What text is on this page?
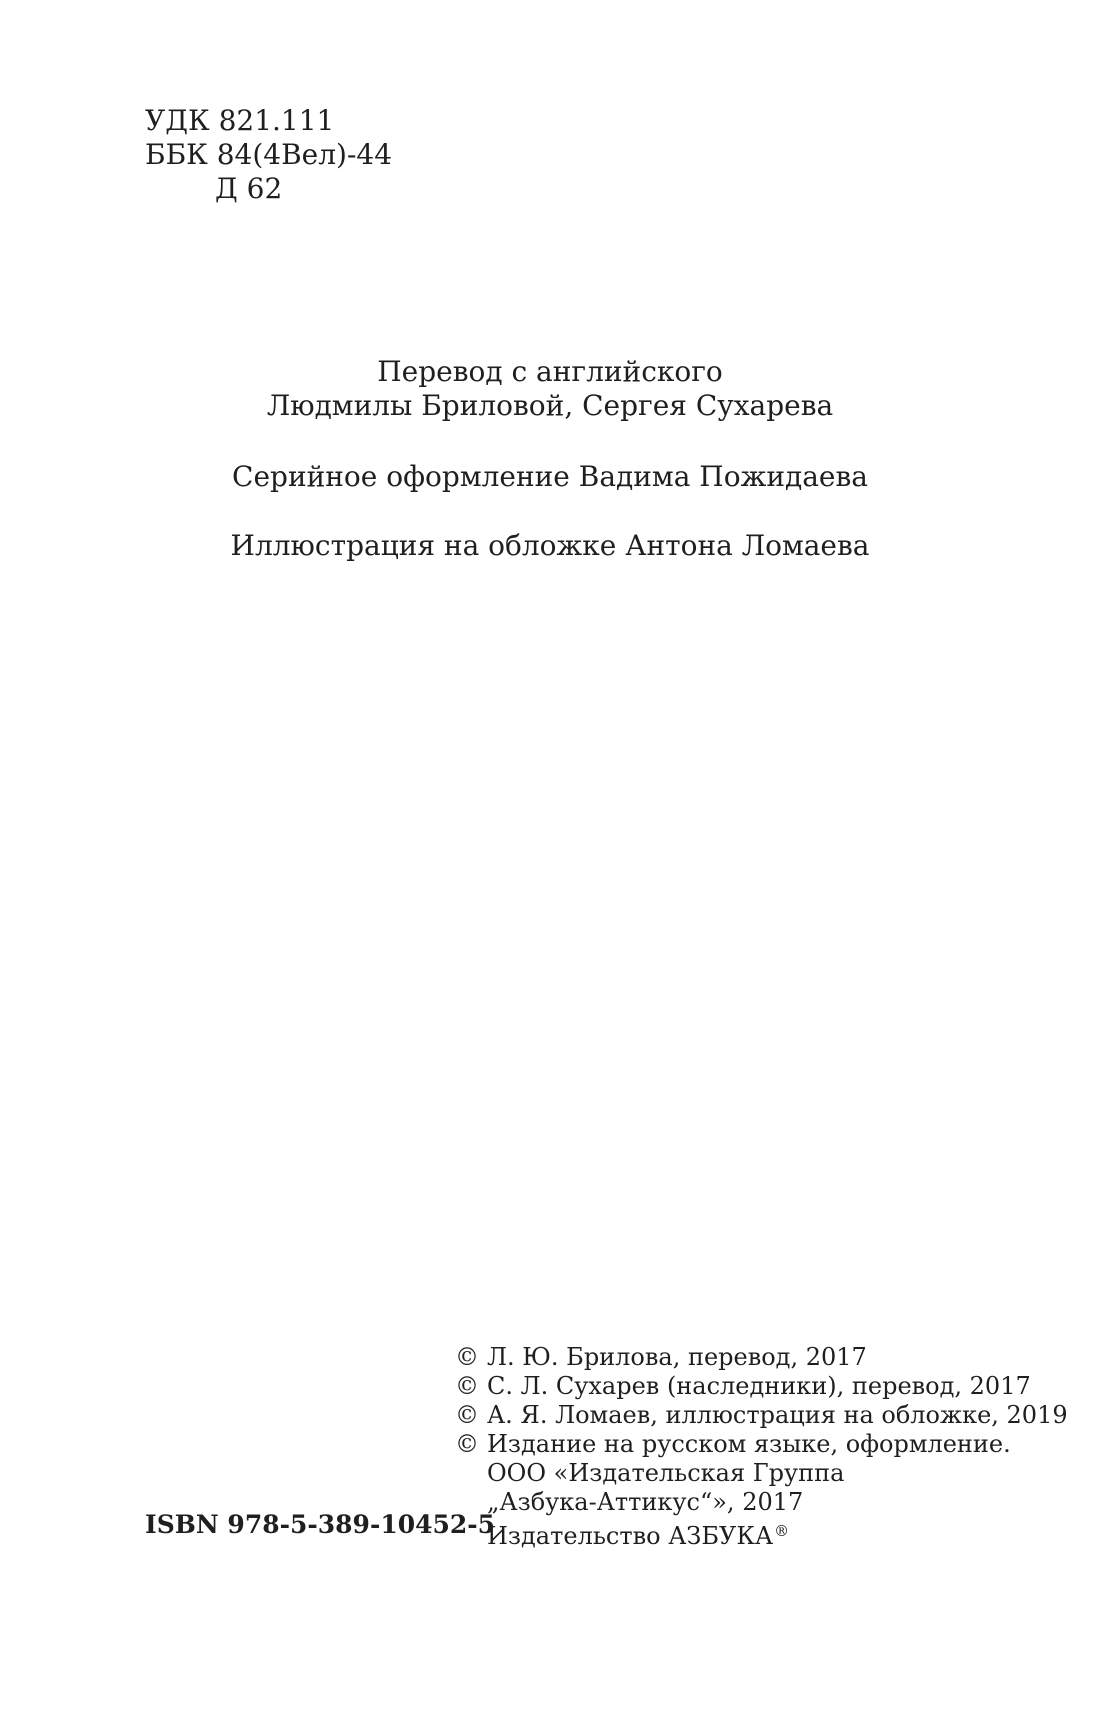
УДК 821.111
ББК 84(4Вел)-44
Д 62
Перевод с английского
Людмилы Бриловой, Сергея Сухарева
Серийное оформление Вадима Пожидаева
Иллюстрация на обложке Антона Ломаева
© Л. Ю. Брилова, перевод, 2017
© С. Л. Сухарев (наследники), перевод, 2017
© А. Я. Ломаев, иллюстрация на обложке, 2019
© Издание на русском языке, оформление.
ООО «Издательская Группа
„Азбука-Аттикус“», 2017
Издательство АЗБУКА®
ISBN 978-5-389-10452-5
